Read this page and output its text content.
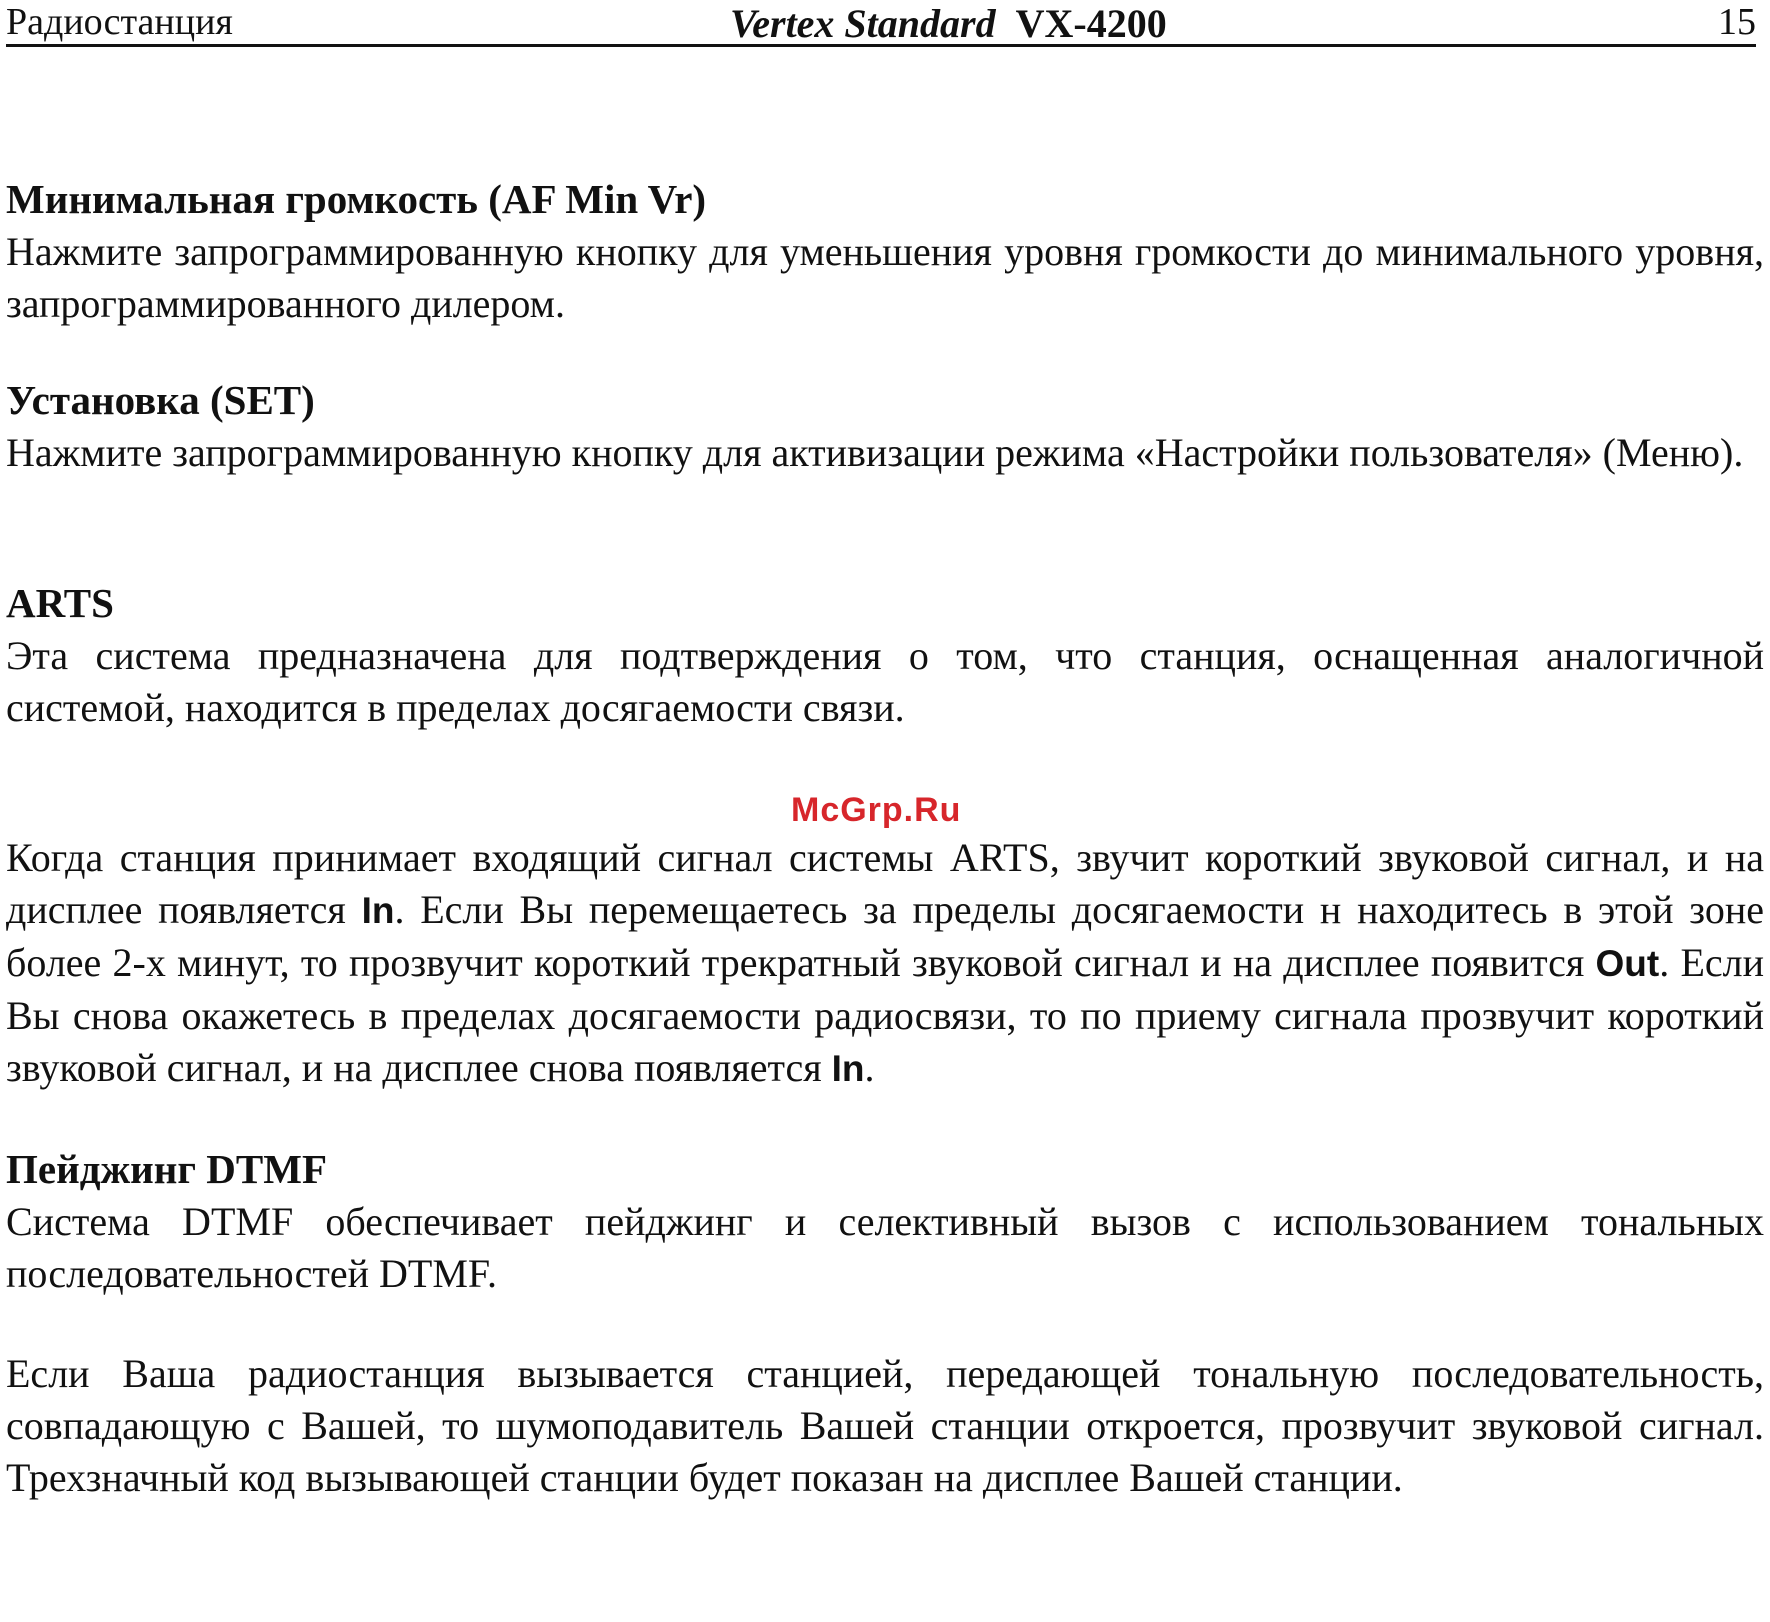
Радиостанция	Vertex Standard VX-4200	15
Минимальная громкость (AF Min Vr)

Нажмите запрограммированную кнопку для уменьшения уровня громкости до минимального уровня, запрограммированного дилером.

Установка (SET)

Нажмите запрограммированную кнопку для активизации режима «Настройки пользователя» (Меню).

ARTS

Эта система предназначена для подтверждения о том, что станция, оснащенная аналогичной системой, находится в пределах досягаемости связи.

Когда станция принимает входящий сигнал системы ARTS, звучит короткий звуковой сигнал, и на дисплее появляется In. Если Вы перемещаетесь за пределы досягаемости н находитесь в этой зоне более 2-х минут, то прозвучит короткий трекратный звуковой сигнал и на дисплее появится Out. Если Вы снова окажетесь в пределах досягаемости радиосвязи, то по приему сигнала прозвучит короткий звуковой сигнал, и на дисплее снова появляется In.

Пейджинг DTMF

Система DTMF обеспечивает пейджинг и селективный вызов с использованием тональных последовательностей DTMF.

Если Ваша радиостанция вызывается станцией, передающей тональную последовательность, совпадающую с Вашей, то шумоподавитель Вашей станции откроется, прозвучит звуковой сигнал. Трехзначный код вызывающей станции будет показан на дисплее Вашей станции.

McGrp.Ru
